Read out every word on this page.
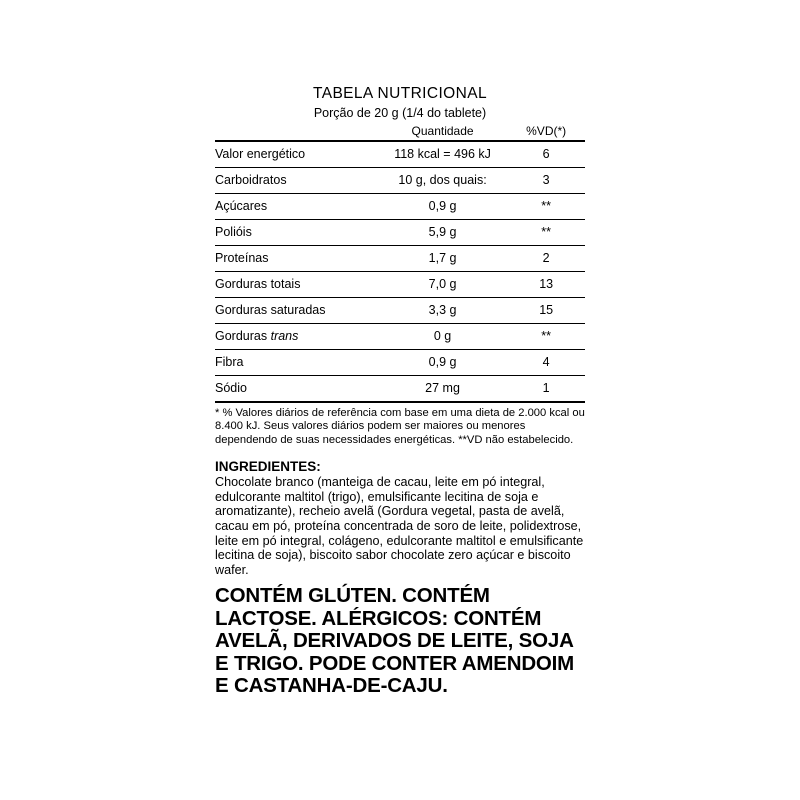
TABELA NUTRICIONAL
Porção de 20 g (1/4 do tablete)
	Quantidade	%VD(*)

Valor energético	118 kcal = 496 kJ	6
Carboidratos	10 g, dos quais:	3
Açúcares	0,9 g	**
Polióis	5,9 g	**
Proteínas	1,7 g	2
Gorduras totais	7,0 g	13
Gorduras saturadas	3,3 g	15
Gorduras trans	0 g	**
Fibra	0,9 g	4
Sódio	27 mg	1
* % Valores diários de referência com base em uma dieta de 2.000 kcal ou 8.400 kJ. Seus valores diários podem ser maiores ou menores dependendo de suas necessidades energéticas. **VD não estabelecido.
INGREDIENTES:
Chocolate branco (manteiga de cacau, leite em pó integral, edulcorante maltitol (trigo), emulsificante lecitina de soja e aromatizante), recheio avelã (Gordura vegetal, pasta de avelã, cacau em pó, proteína concentrada de soro de leite, polidextrose, leite em pó integral, colágeno, edulcorante maltitol e emulsificante lecitina de soja), biscoito sabor chocolate zero açúcar e biscoito wafer.
CONTÉM GLÚTEN. CONTÉM LACTOSE. ALÉRGICOS: CONTÉM AVELÃ, DERIVADOS DE LEITE, SOJA E TRIGO. PODE CONTER AMENDOIM E CASTANHA-DE-CAJU.
